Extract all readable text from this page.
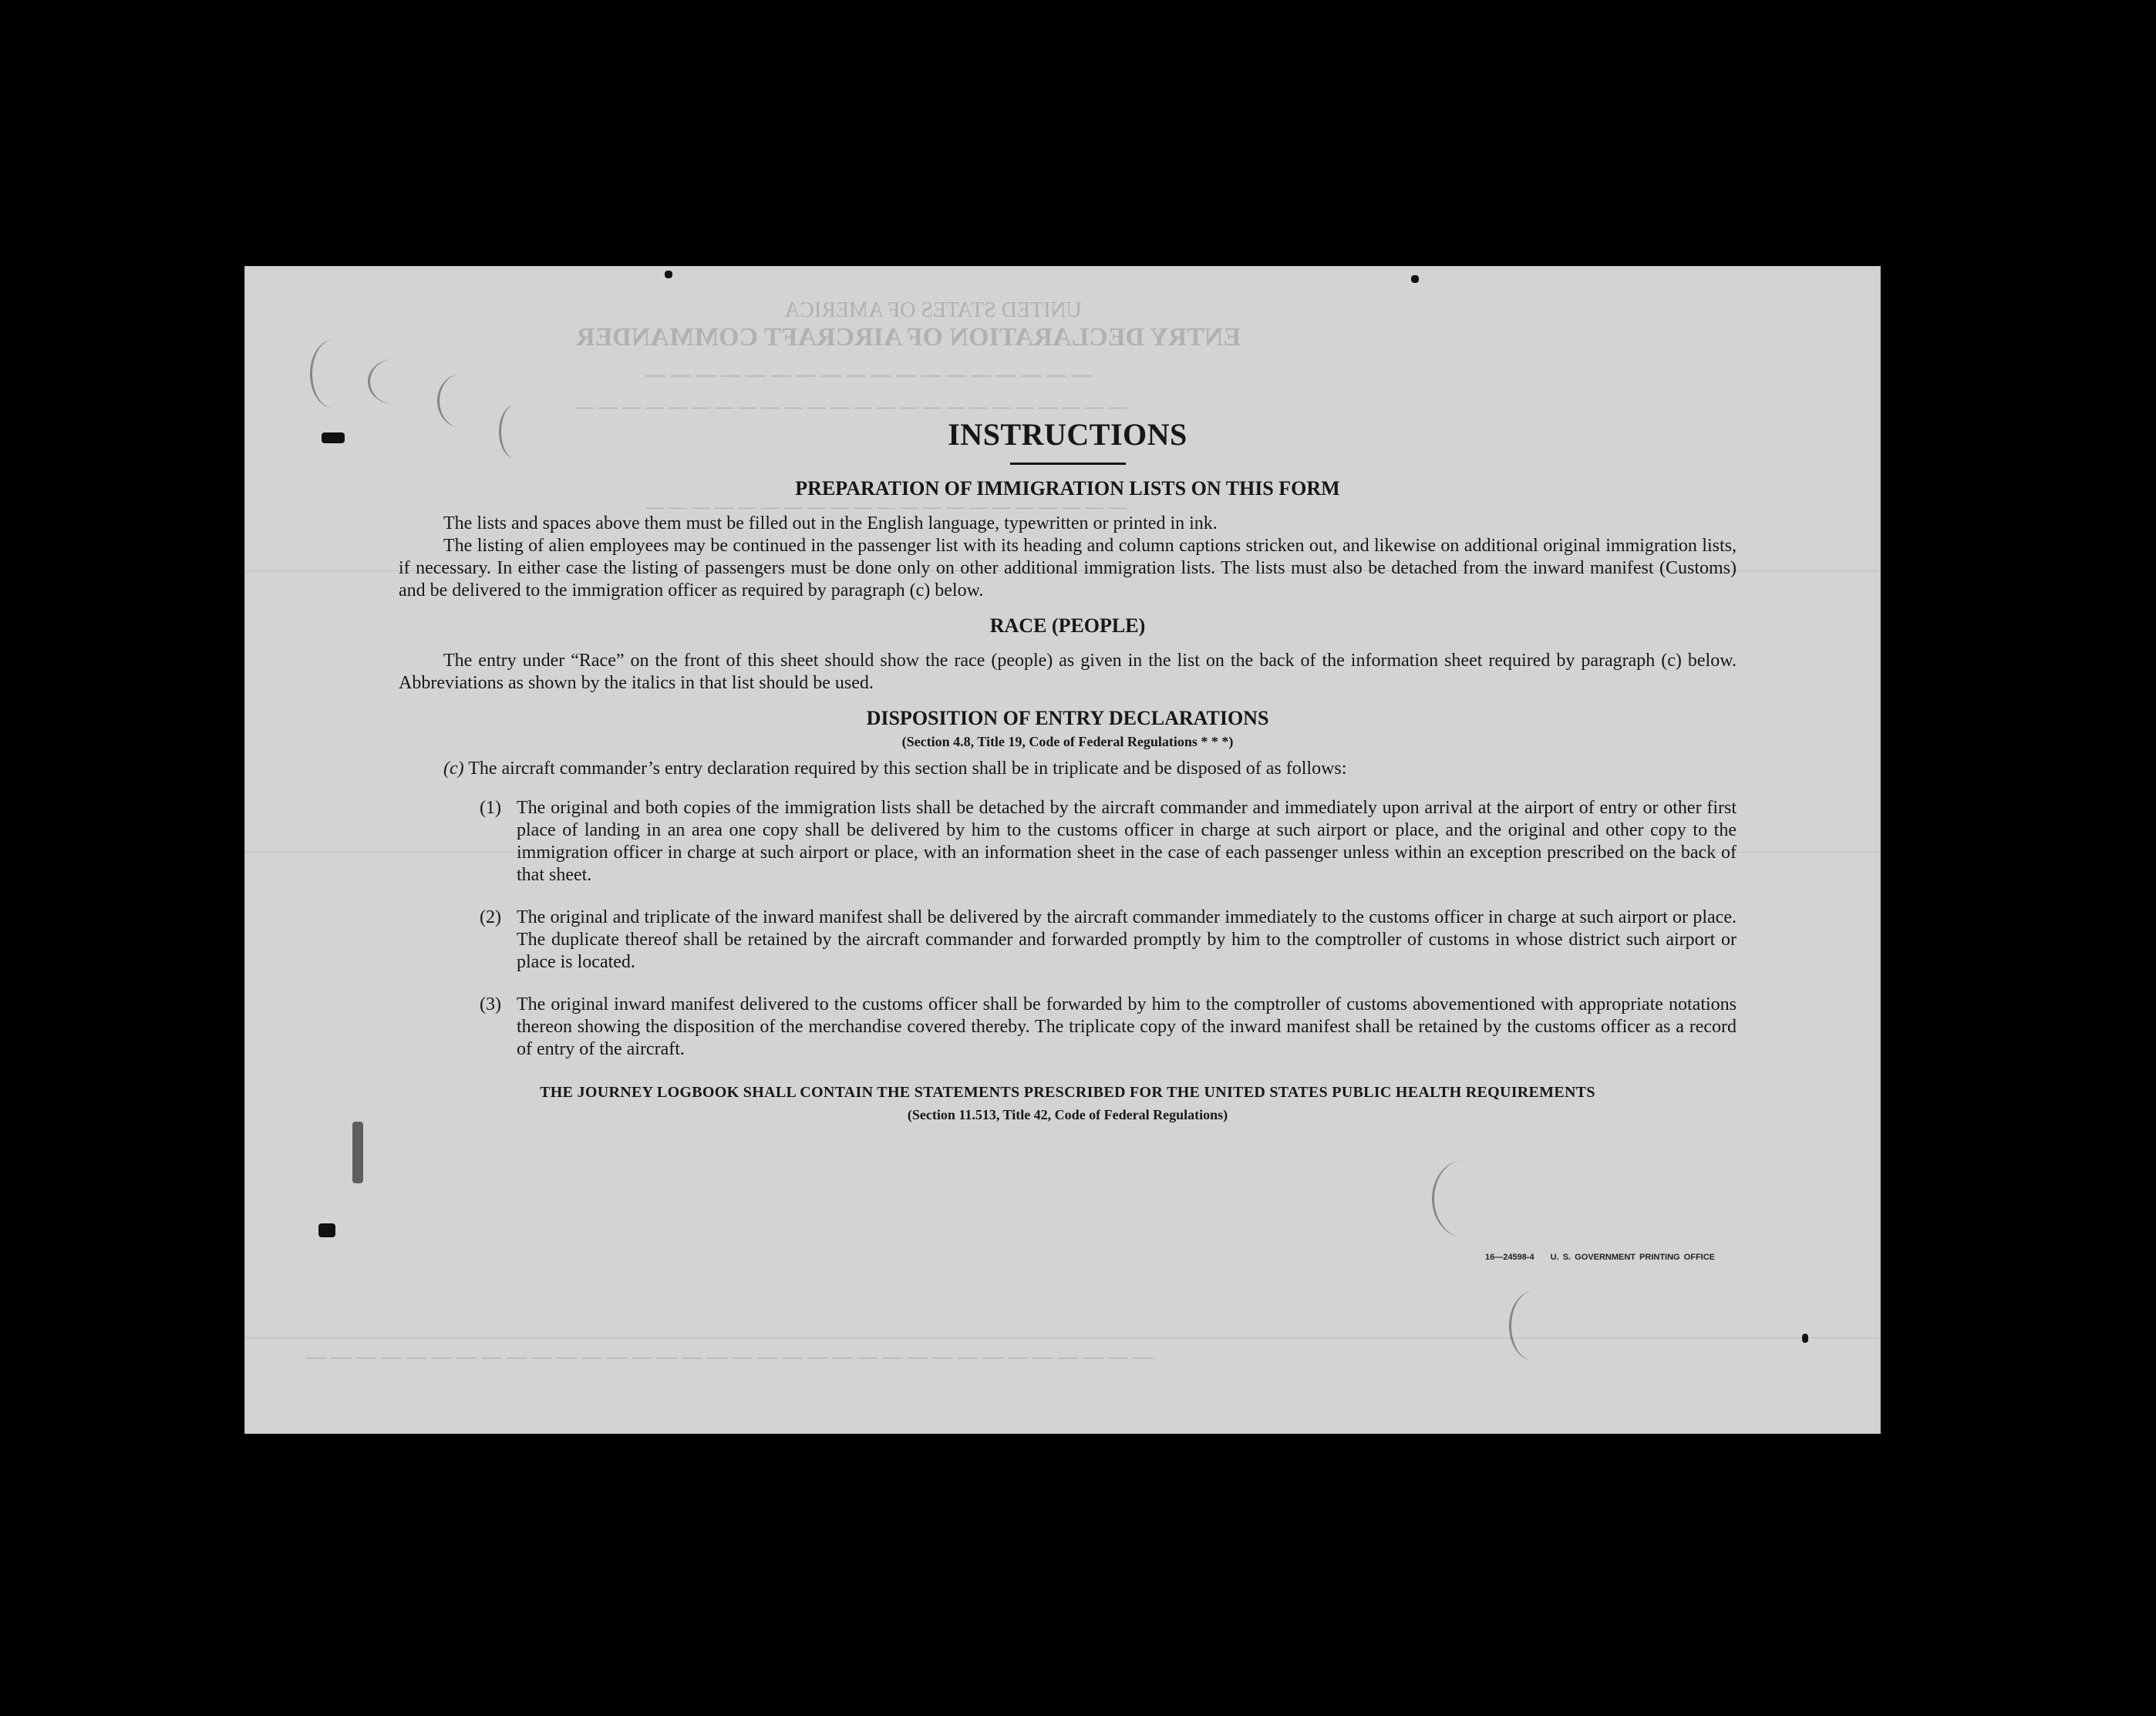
UNITED STATES OF AMERICA
ENTRY DECLARATION OF AIRCRAFT COMMANDER
— — — — — — — — — — — — — — — — — —
— — — — — — — — — — — — — — — — — — — — — — — —
— — — — — — — — — — — — — — — — — — — — —
— — — — — — — — — — — — — — — — — — — — — — — — — — — — — — — — — —
INSTRUCTIONS
PREPARATION OF IMMIGRATION LISTS ON THIS FORM

The lists and spaces above them must be filled out in the English language, typewritten or printed in ink.

The listing of alien employees may be continued in the passenger list with its heading and column captions stricken out, and likewise on additional original immigration lists, if necessary. In either case the listing of passengers must be done only on other additional immigration lists. The lists must also be detached from the inward manifest (Customs) and be delivered to the immigration officer as required by paragraph (c) below.

RACE (PEOPLE)

The entry under “Race” on the front of this sheet should show the race (people) as given in the list on the back of the information sheet required by paragraph (c) below. Abbreviations as shown by the italics in that list should be used.

DISPOSITION OF ENTRY DECLARATIONS

(Section 4.8, Title 19, Code of Federal Regulations * * *)

(c) The aircraft commander’s entry declaration required by this section shall be in triplicate and be disposed of as follows:

(1) The original and both copies of the immigration lists shall be detached by the aircraft commander and immediately upon arrival at the airport of entry or other first place of landing in an area one copy shall be delivered by him to the customs officer in charge at such airport or place, and the original and other copy to the immigration officer in charge at such airport or place, with an information sheet in the case of each passenger unless within an exception prescribed on the back of that sheet.
(2) The original and triplicate of the inward manifest shall be delivered by the aircraft commander immediately to the customs officer in charge at such airport or place. The duplicate thereof shall be retained by the aircraft commander and forwarded promptly by him to the comptroller of customs in whose district such airport or place is located.
(3) The original inward manifest delivered to the customs officer shall be forwarded by him to the comptroller of customs abovementioned with appropriate notations thereon showing the disposition of the merchandise covered thereby. The triplicate copy of the inward manifest shall be retained by the customs officer as a record of entry of the aircraft.

THE JOURNEY LOGBOOK SHALL CONTAIN THE STATEMENTS PRESCRIBED FOR THE UNITED STATES PUBLIC HEALTH REQUIREMENTS

(Section 11.513, Title 42, Code of Federal Regulations)

16—24598-4 U. S. GOVERNMENT PRINTING OFFICE
